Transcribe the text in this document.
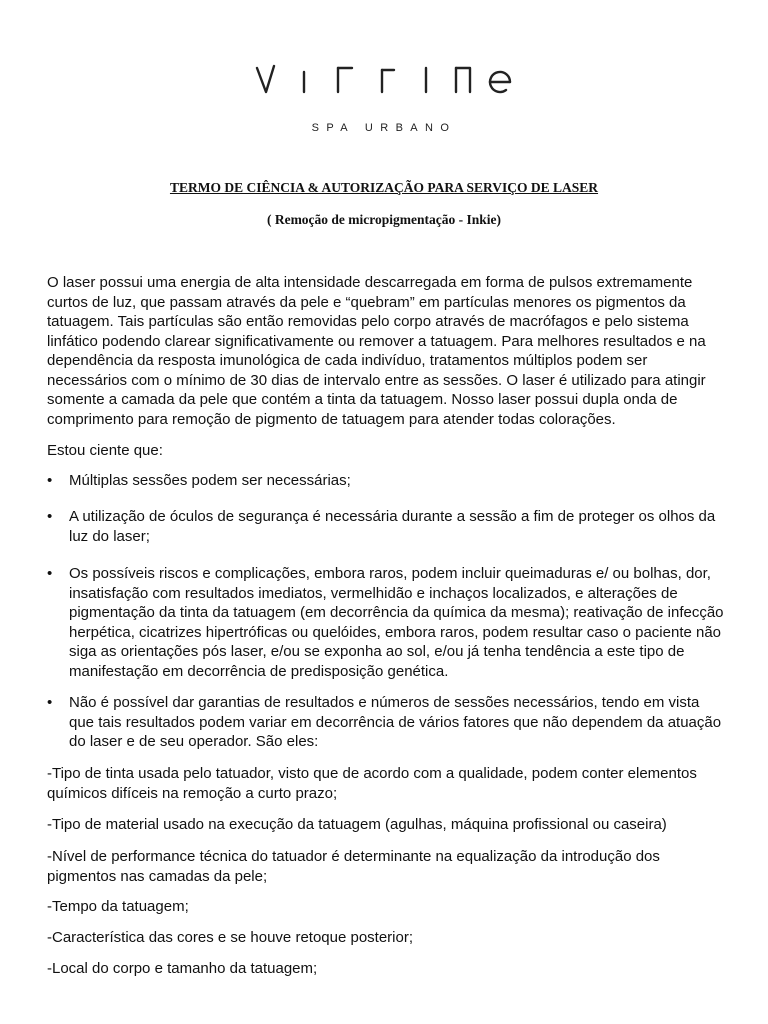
SPA URBANO
TERMO DE CIÊNCIA & AUTORIZAÇÃO PARA SERVIÇO DE LASER
( Remoção de micropigmentação - Inkie)

O laser possui uma energia de alta intensidade descarregada em forma de pulsos extremamente curtos de luz, que passam através da pele e “quebram” em partículas menores os pigmentos da tatuagem. Tais partículas são então removidas pelo corpo através de macrófagos e pelo sistema linfático podendo clarear significativamente ou remover a tatuagem. Para melhores resultados e na dependência da resposta imunológica de cada indivíduo, tratamentos múltiplos podem ser necessários com o mínimo de 30 dias de intervalo entre as sessões. O laser é utilizado para atingir somente a camada da pele que contém a tinta da tatuagem. Nosso laser possui dupla onda de comprimento para remoção de pigmento de tatuagem para atender todas colorações.

Estou ciente que:

• Múltiplas sessões podem ser necessárias;
• A utilização de óculos de segurança é necessária durante a sessão a fim de proteger os olhos da luz do laser;
• Os possíveis riscos e complicações, embora raros, podem incluir queimaduras e/ ou bolhas, dor, insatisfação com resultados imediatos, vermelhidão e inchaços localizados, e alterações de pigmentação da tinta da tatuagem (em decorrência da química da mesma); reativação de infecção herpética, cicatrizes hipertróficas ou quelóides, embora raros, podem resultar caso o paciente não siga as orientações pós laser, e/ou se exponha ao sol, e/ou já tenha tendência a este tipo de manifestação em decorrência de predisposição genética.
• Não é possível dar garantias de resultados e números de sessões necessários, tendo em vista que tais resultados podem variar em decorrência de vários fatores que não dependem da atuação do laser e de seu operador. São eles:

-Tipo de tinta usada pelo tatuador, visto que de acordo com a qualidade, podem conter elementos químicos difíceis na remoção a curto prazo;

-Tipo de material usado na execução da tatuagem (agulhas, máquina profissional ou caseira)

-Nível de performance técnica do tatuador é determinante na equalização da introdução dos pigmentos nas camadas da pele;

-Tempo da tatuagem;

-Característica das cores e se houve retoque posterior;

-Local do corpo e tamanho da tatuagem;
